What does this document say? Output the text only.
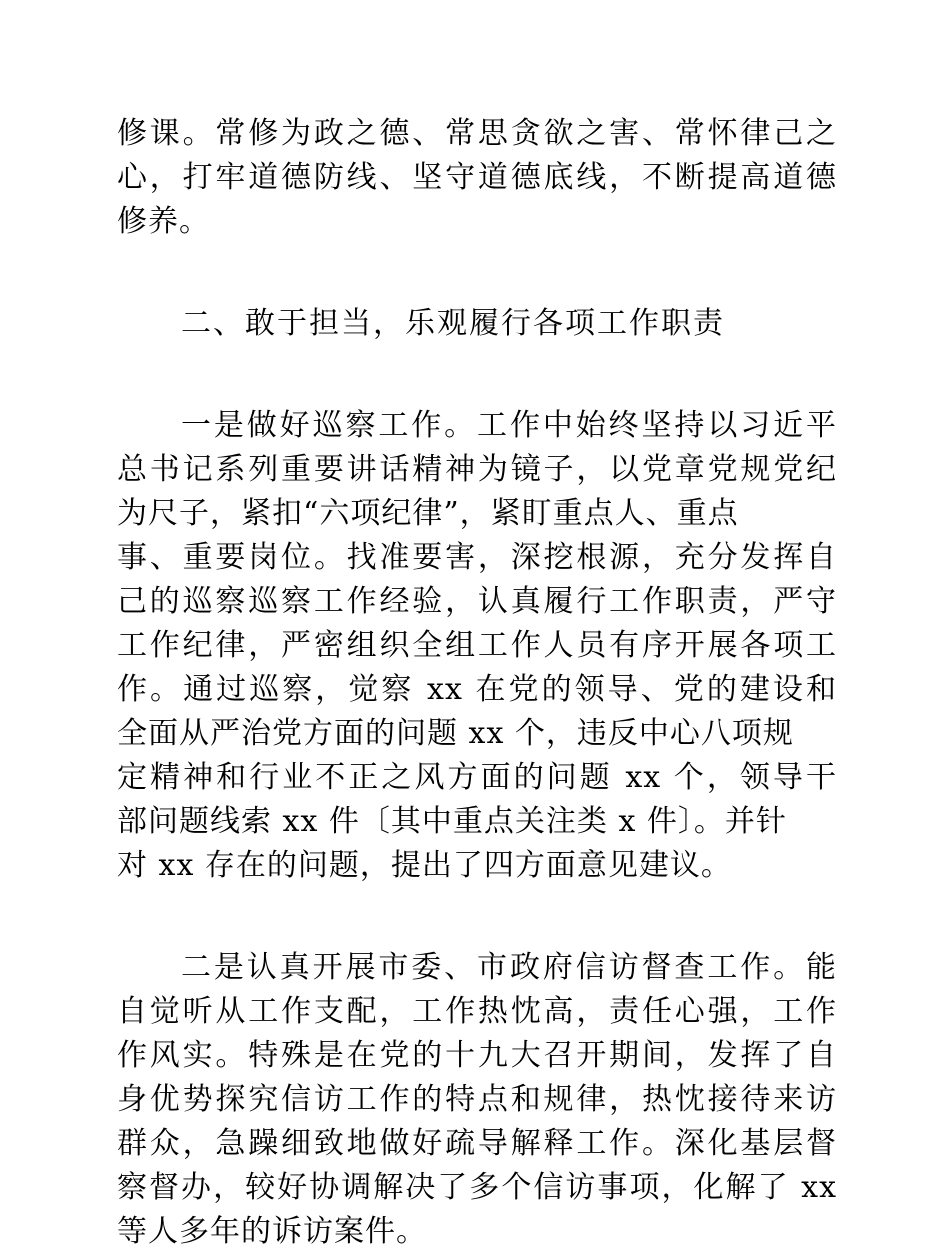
修课。常修为政之德、常思贪欲之害、常怀律己之
心，打牢道德防线、坚守道德底线，不断提高道德
修养。
二、敢于担当，乐观履行各项工作职责
一是做好巡察工作。工作中始终坚持以习近平
总书记系列重要讲话精神为镜子，以党章党规党纪
为尺子，紧扣“六项纪律”，紧盯重点人、重点
事、重要岗位。找准要害，深挖根源，充分发挥自
己的巡察巡察工作经验，认真履行工作职责，严守
工作纪律，严密组织全组工作人员有序开展各项工
作。通过巡察，觉察 xx 在党的领导、党的建设和
全面从严治党方面的问题 xx 个，违反中心八项规
定精神和行业不正之风方面的问题 xx 个，领导干
部问题线索 xx 件〔其中重点关注类 x 件〕。并针
对 xx 存在的问题，提出了四方面意见建议。
二是认真开展市委、市政府信访督查工作。能
自觉听从工作支配，工作热忱高，责任心强，工作
作风实。特殊是在党的十九大召开期间，发挥了自
身优势探究信访工作的特点和规律，热忱接待来访
群众，急躁细致地做好疏导解释工作。深化基层督
察督办，较好协调解决了多个信访事项，化解了 xx
等人多年的诉访案件。
